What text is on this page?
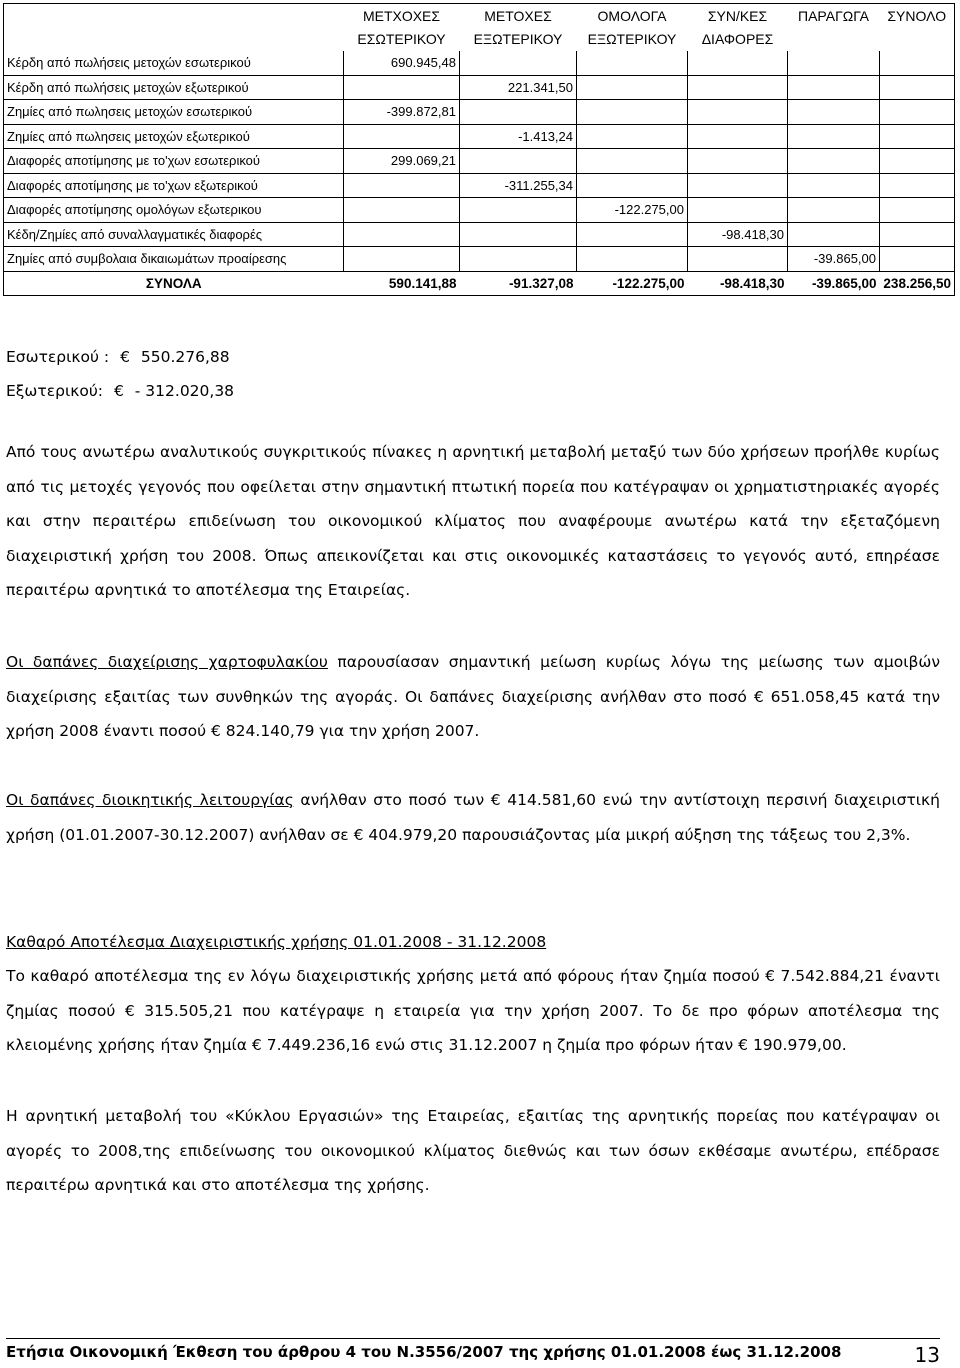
	ΜΕΤΧΟΧΕΣ	ΜΕΤΟΧΕΣ	ΟΜΟΛΟΓΑ	ΣΥΝ/ΚΕΣ	ΠΑΡΑΓΩΓΑ	ΣΥΝΟΛΟ
	ΕΣΩΤΕΡΙΚΟΥ	ΕΞΩΤΕΡΙΚΟΥ	ΕΞΩΤΕΡΙΚΟΥ	ΔΙΑΦΟΡΕΣ		
Κέρδη από πωλήσεις μετοχών εσωτερικού	690.945,48					
Κέρδη από πωλήσεις μετοχών εξωτερικού		221.341,50				
Ζημίες από πωλησεις μετοχών εσωτερικού	-399.872,81					
Ζημίες από πωλησεις μετοχών εξωτερικού		-1.413,24				
Διαφορές αποτίμησης με το'χων εσωτερικού	299.069,21					
Διαφορές αποτίμησης με το'χων εξωτερικού		-311.255,34				
Διαφορές αποτίμησης ομολόγων εξωτερικου			-122.275,00			
Κέδη/Ζημίες από συναλλαγματικές διαφορές				-98.418,30		
Ζημίες από συμβολαια δικαιωμάτων προαίρεσης					-39.865,00	
ΣΥΝΟΛΑ	590.141,88	-91.327,08	-122.275,00	-98.418,30	-39.865,00	238.256,50
Εσωτερικού : € 550.276,88
Εξωτερικού: € - 312.020,38

Από τους ανωτέρω αναλυτικούς συγκριτικούς πίνακες η αρνητική μεταβολή μεταξύ των δύο χρήσεων προήλθε κυρίως από τις μετοχές γεγονός που οφείλεται στην σημαντική πτωτική πορεία που κατέγραψαν οι χρηματιστηριακές αγορές και στην περαιτέρω επιδείνωση του οικονομικού κλίματος που αναφέρουμε ανωτέρω κατά την εξεταζόμενη διαχειριστική χρήση του 2008. Όπως απεικονίζεται και στις οικονομικές καταστάσεις το γεγονός αυτό, επηρέασε περαιτέρω αρνητικά το αποτέλεσμα της Εταιρείας.

Οι δαπάνες διαχείρισης χαρτοφυλακίου παρουσίασαν σημαντική μείωση κυρίως λόγω της μείωσης των αμοιβών διαχείρισης εξαιτίας των συνθηκών της αγοράς. Οι δαπάνες διαχείρισης ανήλθαν στο ποσό € 651.058,45 κατά την χρήση 2008 έναντι ποσού € 824.140,79 για την χρήση 2007.

Οι δαπάνες διοικητικής λειτουργίας ανήλθαν στο ποσό των € 414.581,60 ενώ την αντίστοιχη περσινή διαχειριστική χρήση (01.01.2007-30.12.2007) ανήλθαν σε € 404.979,20 παρουσιάζοντας μία μικρή αύξηση της τάξεως του 2,3%.

Καθαρό Αποτέλεσμα Διαχειριστικής χρήσης 01.01.2008 - 31.12.2008

Το καθαρό αποτέλεσμα της εν λόγω διαχειριστικής χρήσης μετά από φόρους ήταν ζημία ποσού € 7.542.884,21 έναντι ζημίας ποσού € 315.505,21 που κατέγραψε η εταιρεία για την χρήση 2007. Το δε προ φόρων αποτέλεσμα της κλειομένης χρήσης ήταν ζημία € 7.449.236,16 ενώ στις 31.12.2007 η ζημία προ φόρων ήταν € 190.979,00.

Η αρνητική μεταβολή του «Κύκλου Εργασιών» της Εταιρείας, εξαιτίας της αρνητικής πορείας που κατέγραψαν οι αγορές το 2008,της επιδείνωσης του οικονομικού κλίματος διεθνώς και των όσων εκθέσαμε ανωτέρω, επέδρασε περαιτέρω αρνητικά και στο αποτέλεσμα της χρήσης.

Ετήσια Οικονομική Έκθεση του άρθρου 4 του Ν.3556/2007 της χρήσης 01.01.2008 έως 31.12.2008	13
